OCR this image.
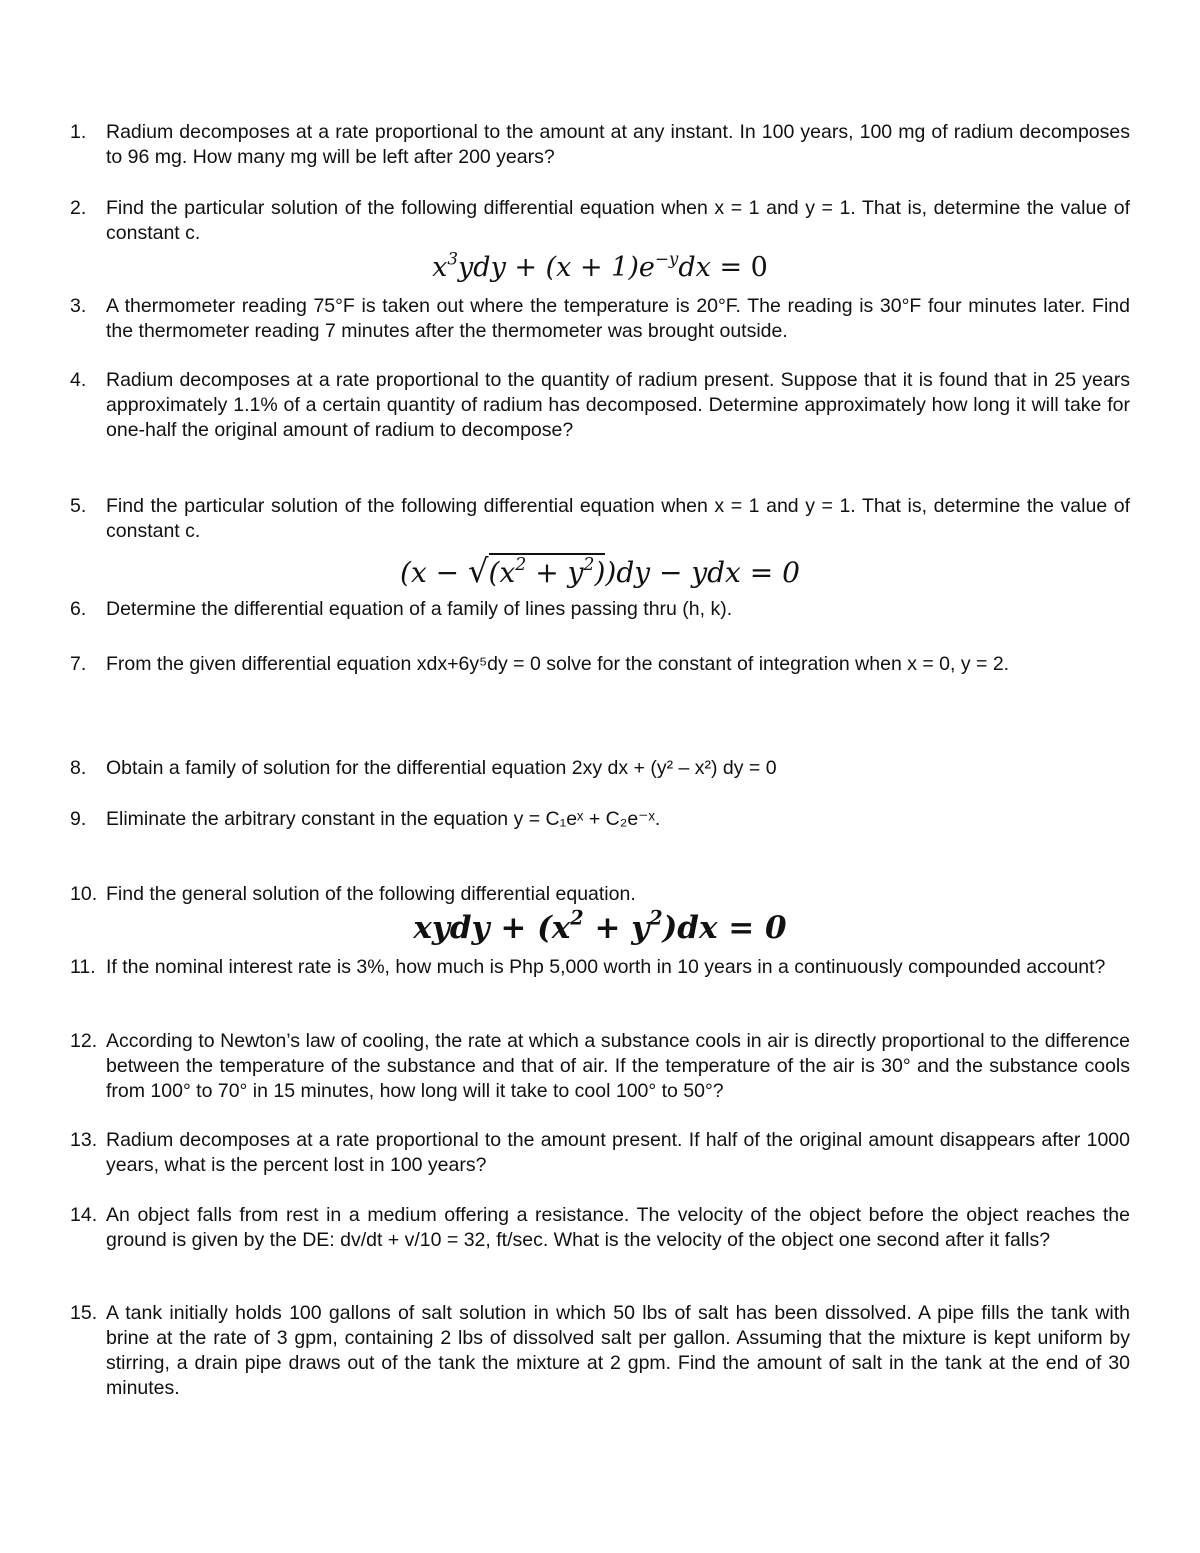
1.	Radium decomposes at a rate proportional to the amount at any instant. In 100 years, 100 mg of radium decomposes to 96 mg. How many mg will be left after 200 years?
2.	Find the particular solution of the following differential equation when x = 1 and y = 1. That is, determine the value of constant c.
$x^3ydy + (x + 1)e^{-y}dx = 0$
3.	A thermometer reading 75°F is taken out where the temperature is 20°F. The reading is 30°F four minutes later. Find the thermometer reading 7 minutes after the thermometer was brought outside.
4.	Radium decomposes at a rate proportional to the quantity of radium present. Suppose that it is found that in 25 years approximately 1.1% of a certain quantity of radium has decomposed. Determine approximately how long it will take for one-half the original amount of radium to decompose?
5.	Find the particular solution of the following differential equation when x = 1 and y = 1. That is, determine the value of constant c.
$(x - √(x^2 + y^2))dy$ − ydx = 0
6.	Determine the differential equation of a family of lines passing thru (h, k).
7.	From the given differential equation xdx+6y⁵dy = 0 solve for the constant of integration when x = 0, y = 2.
8.	Obtain a family of solution for the differential equation 2xy dx + (y² – x²) dy = 0
9.	Eliminate the arbitrary constant in the equation y = C₁eˣ + C₂e⁻ˣ.
10. Find the general solution of the following differential equation.
xydy + $(x^2 + y^2)dx = 0$
11. If the nominal interest rate is 3%, how much is Php 5,000 worth in 10 years in a continuously compounded account?
12. According to Newton’s law of cooling, the rate at which a substance cools in air is directly proportional to the difference between the temperature of the substance and that of air. If the temperature of the air is 30° and the substance cools from 100° to 70° in 15 minutes, how long will it take to cool 100° to 50°?
13. Radium decomposes at a rate proportional to the amount present. If half of the original amount disappears after 1000 years, what is the percent lost in 100 years?
14. An object falls from rest in a medium offering a resistance. The velocity of the object before the object reaches the ground is given by the DE: dv/dt + v/10 = 32, ft/sec. What is the velocity of the object one second after it falls?
15. A tank initially holds 100 gallons of salt solution in which 50 lbs of salt has been dissolved. A pipe fills the tank with brine at the rate of 3 gpm, containing 2 lbs of dissolved salt per gallon. Assuming that the mixture is kept uniform by stirring, a drain pipe draws out of the tank the mixture at 2 gpm. Find the amount of salt in the tank at the end of 30 minutes.
